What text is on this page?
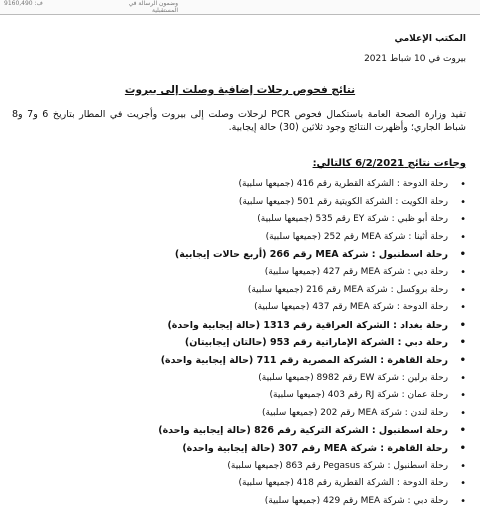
9160,490 :ف	وضمون الرسالة في المستقبلية
المكتب الإعلامي
بيروت في 10 شباط 2021
نتائج فحوص رحلات إضافية وصلت إلى بيروت
تفيد وزارة الصحة العامة باستكمال فحوص PCR لرحلات وصلت إلى بيروت وأجريت في المطار بتاريخ 6 و7 و8 شباط الجاري؛ وأظهرت النتائج وجود ثلاثين (30) حالة إيجابية.
وجاءت نتائج 6/2/2021 كالتالي:
• رحلة الدوحة : الشركة القطرية رقم 416 (جميعها سلبية)
• رحلة الكويت : الشركة الكويتية رقم 501 (جميعها سلبية)
• رحلة أبو ظبي : شركة EY رقم 535 (جميعها سلبية)
• رحلة أثينا : شركة MEA رقم 252 (جميعها سلبية)
• رحلة اسطنبول : شركة MEA رقم 266 (أربع حالات إيجابية)
• رحلة دبي : شركة MEA رقم 427 (جميعها سلبية)
• رحلة بروكسل : شركة MEA رقم 216 (جميعها سلبية)
• رحلة الدوحة : شركة MEA رقم 437 (جميعها سلبية)
• رحلة بغداد : الشركة العراقية رقم 1313 (حالة إيجابية واحدة)
• رحلة دبي : الشركة الإماراتية رقم 953 (حالتان إيجابيتان)
• رحلة القاهرة : الشركة المصرية رقم 711 (حالة إيجابية واحدة)
• رحلة برلين : شركة EW رقم 8982 (جميعها سلبية)
• رحلة عمان : شركة RJ رقم 403 (جميعها سلبية)
• رحلة لندن : شركة MEA رقم 202 (جميعها سلبية)
• رحلة اسطنبول : الشركة التركية رقم 826 (حالة إيجابية واحدة)
• رحلة القاهرة : شركة MEA رقم 307 (حالة إيجابية واحدة)
• رحلة اسطنبول : شركة Pegasus رقم 863 (جميعها سلبية)
• رحلة الدوحة : الشركة القطرية رقم 418 (جميعها سلبية)
• رحلة دبي : شركة MEA رقم 429 (جميعها سلبية)
